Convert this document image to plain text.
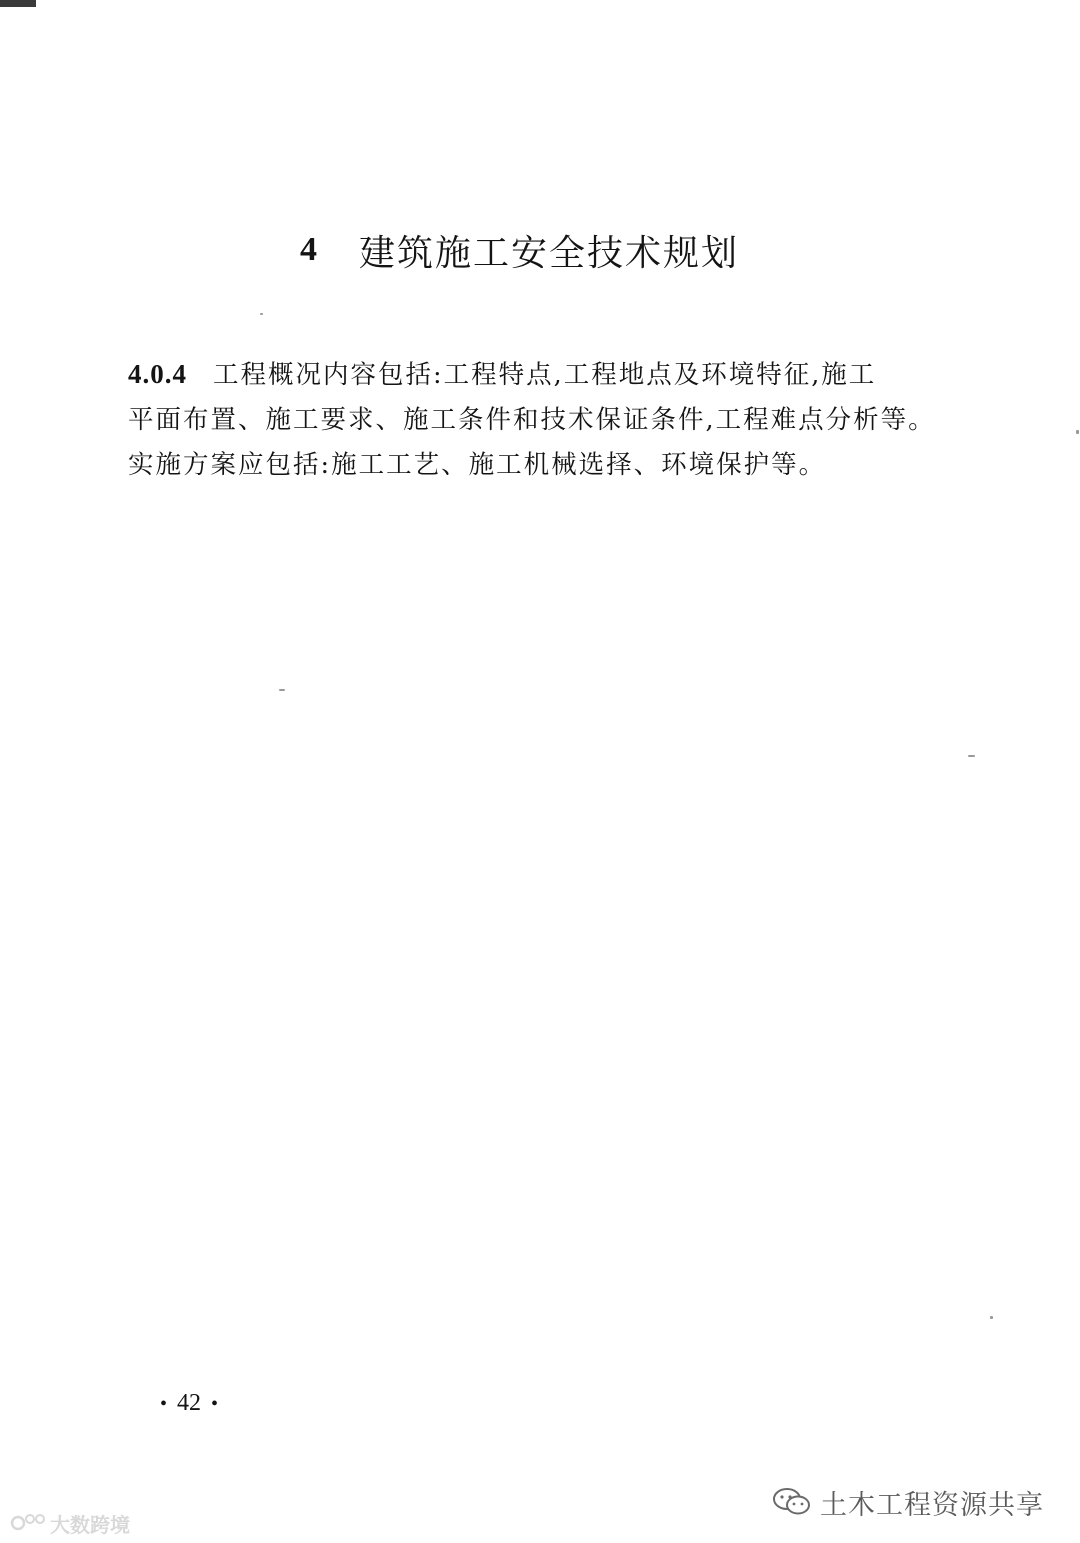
4 建筑施工安全技术规划
4.0.4 工程概况内容包括:工程特点,工程地点及环境特征,施工
平面布置、施工要求、施工条件和技术保证条件,工程难点分析等。
实施方案应包括:施工工艺、施工机械选择、环境保护等。
• 42 •
大数跨境
土木工程资源共享
